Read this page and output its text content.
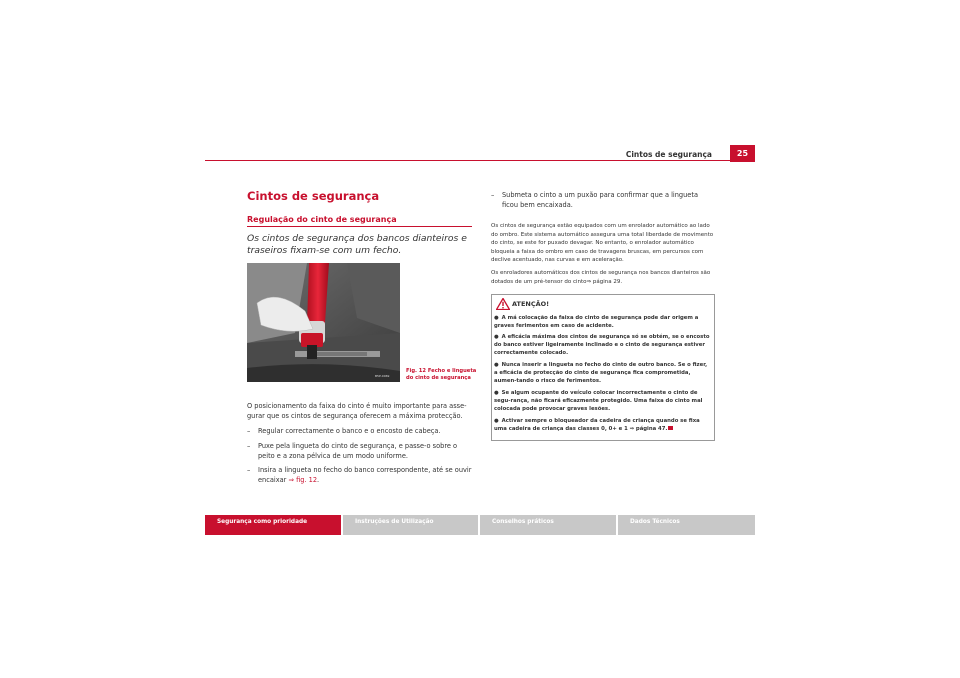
Cintos de segurança	25
Cintos de segurança
Regulação do cinto de segurança
Os cintos de segurança dos bancos dianteiros e traseiros fixam-se com um fecho.
B5P-0069
Fig. 12 Fecho e lingueta
do cinto de segurança
O posicionamento da faixa do cinto é muito importante para asse-gurar que os cintos de segurança oferecem a máxima protecção.
– Regular correctamente o banco e o encosto de cabeça.
– Puxe pela lingueta do cinto de segurança, e passe-o sobre o peito e a zona pélvica de um modo uniforme.
– Insira a lingueta no fecho do banco correspondente, até se ouvir encaixar ⇒ fig. 12.
– Submeta o cinto a um puxão para confirmar que a lingueta ficou bem encaixada.
Os cintos de segurança estão equipados com um enrolador automático ao lado do ombro. Este sistema automático assegura uma total liberdade de movimento do cinto, se este for puxado devagar. No entanto, o enrolador automático bloqueia a faixa do ombro em caso de travagens bruscas, em percursos com declive acentuado, nas curvas e em aceleração.
Os enroladores automáticos dos cintos de segurança nos bancos dianteiros são dotados de um pré-tensor do cinto⇒ página 29.
ATENÇÃO!
● A má colocação da faixa do cinto de segurança pode dar origem a graves ferimentos em caso de acidente.
● A eficácia máxima dos cintos de segurança só se obtém, se o encosto do banco estiver ligeiramente inclinado e o cinto de segurança estiver correctamente colocado.
● Nunca inserir a lingueta no fecho do cinto de outro banco. Se o fizer, a eficácia de protecção do cinto de segurança fica comprometida, aumen-tando o risco de ferimentos.
● Se algum ocupante do veículo colocar incorrectamente o cinto de segu-rança, não ficará eficazmente protegido. Uma faixa do cinto mal colocada pode provocar graves lesões.
● Activar sempre o bloqueador da cadeira de criança quando se fixa uma cadeira de criança das classes 0, 0+ e 1 ⇒ página 47.
Segurança como prioridade	Instruções de Utilização	Conselhos práticos	Dados Técnicos
